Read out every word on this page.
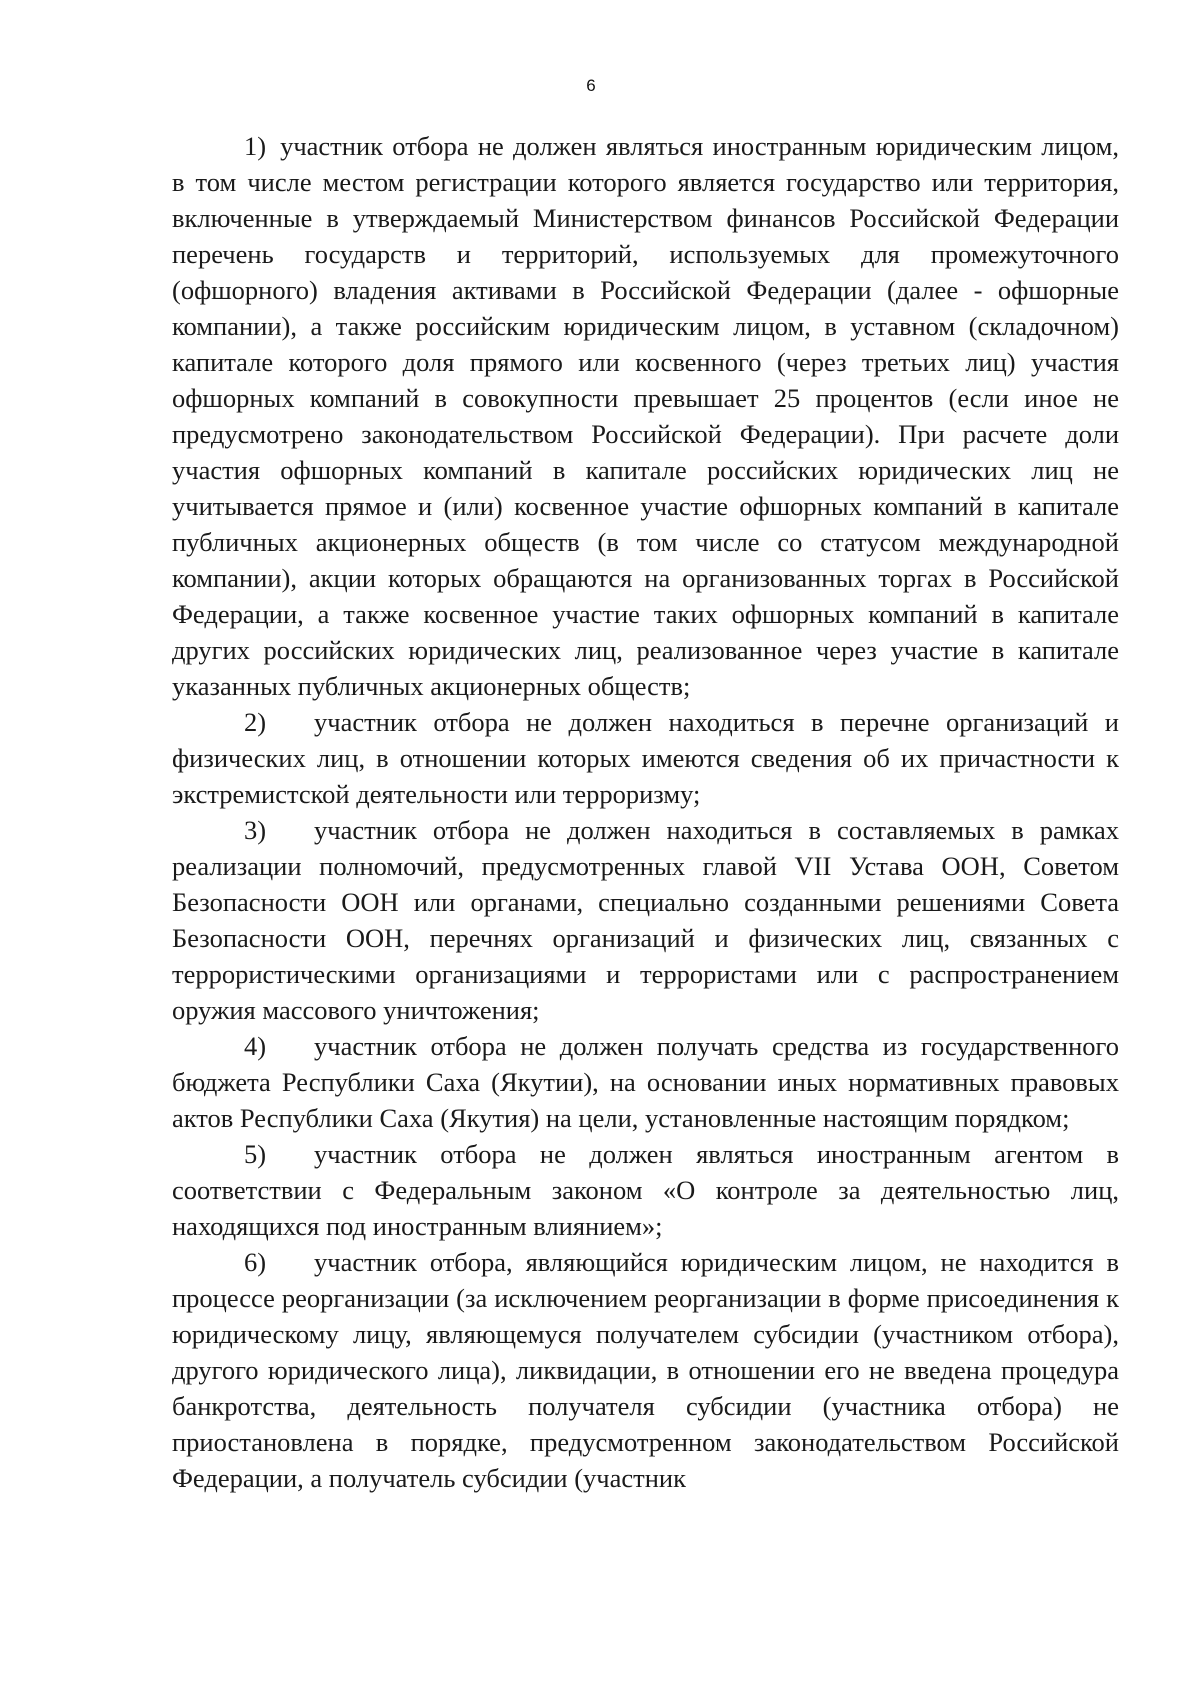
6

1) участник отбора не должен являться иностранным юридическим лицом, в том числе местом регистрации которого является государство или территория, включенные в утверждаемый Министерством финансов Российской Федерации перечень государств и территорий, используемых для промежуточного (офшорного) владения активами в Российской Федерации (далее - офшорные компании), а также российским юридическим лицом, в уставном (складочном) капитале которого доля прямого или косвенного (через третьих лиц) участия офшорных компаний в совокупности превышает 25 процентов (если иное не предусмотрено законодательством Российской Федерации). При расчете доли участия офшорных компаний в капитале российских юридических лиц не учитывается прямое и (или) косвенное участие офшорных компаний в капитале публичных акционерных обществ (в том числе со статусом международной компании), акции которых обращаются на организованных торгах в Российской Федерации, а также косвенное участие таких офшорных компаний в капитале других российских юридических лиц, реализованное через участие в капитале указанных публичных акционерных обществ;

2) участник отбора не должен находиться в перечне организаций и физических лиц, в отношении которых имеются сведения об их причастности к экстремистской деятельности или терроризму;

3) участник отбора не должен находиться в составляемых в рамках реализации полномочий, предусмотренных главой VII Устава ООН, Советом Безопасности ООН или органами, специально созданными решениями Совета Безопасности ООН, перечнях организаций и физических лиц, связанных с террористическими организациями и террористами или с распространением оружия массового уничтожения;

4) участник отбора не должен получать средства из государственного бюджета Республики Саха (Якутии), на основании иных нормативных правовых актов Республики Саха (Якутия) на цели, установленные настоящим порядком;

5) участник отбора не должен являться иностранным агентом в соответствии с Федеральным законом «О контроле за деятельностью лиц, находящихся под иностранным влиянием»;

6) участник отбора, являющийся юридическим лицом, не находится в процессе реорганизации (за исключением реорганизации в форме присоединения к юридическому лицу, являющемуся получателем субсидии (участником отбора), другого юридического лица), ликвидации, в отношении его не введена процедура банкротства, деятельность получателя субсидии (участника отбора) не приостановлена в порядке, предусмотренном законодательством Российской Федерации, а получатель субсидии (участник
